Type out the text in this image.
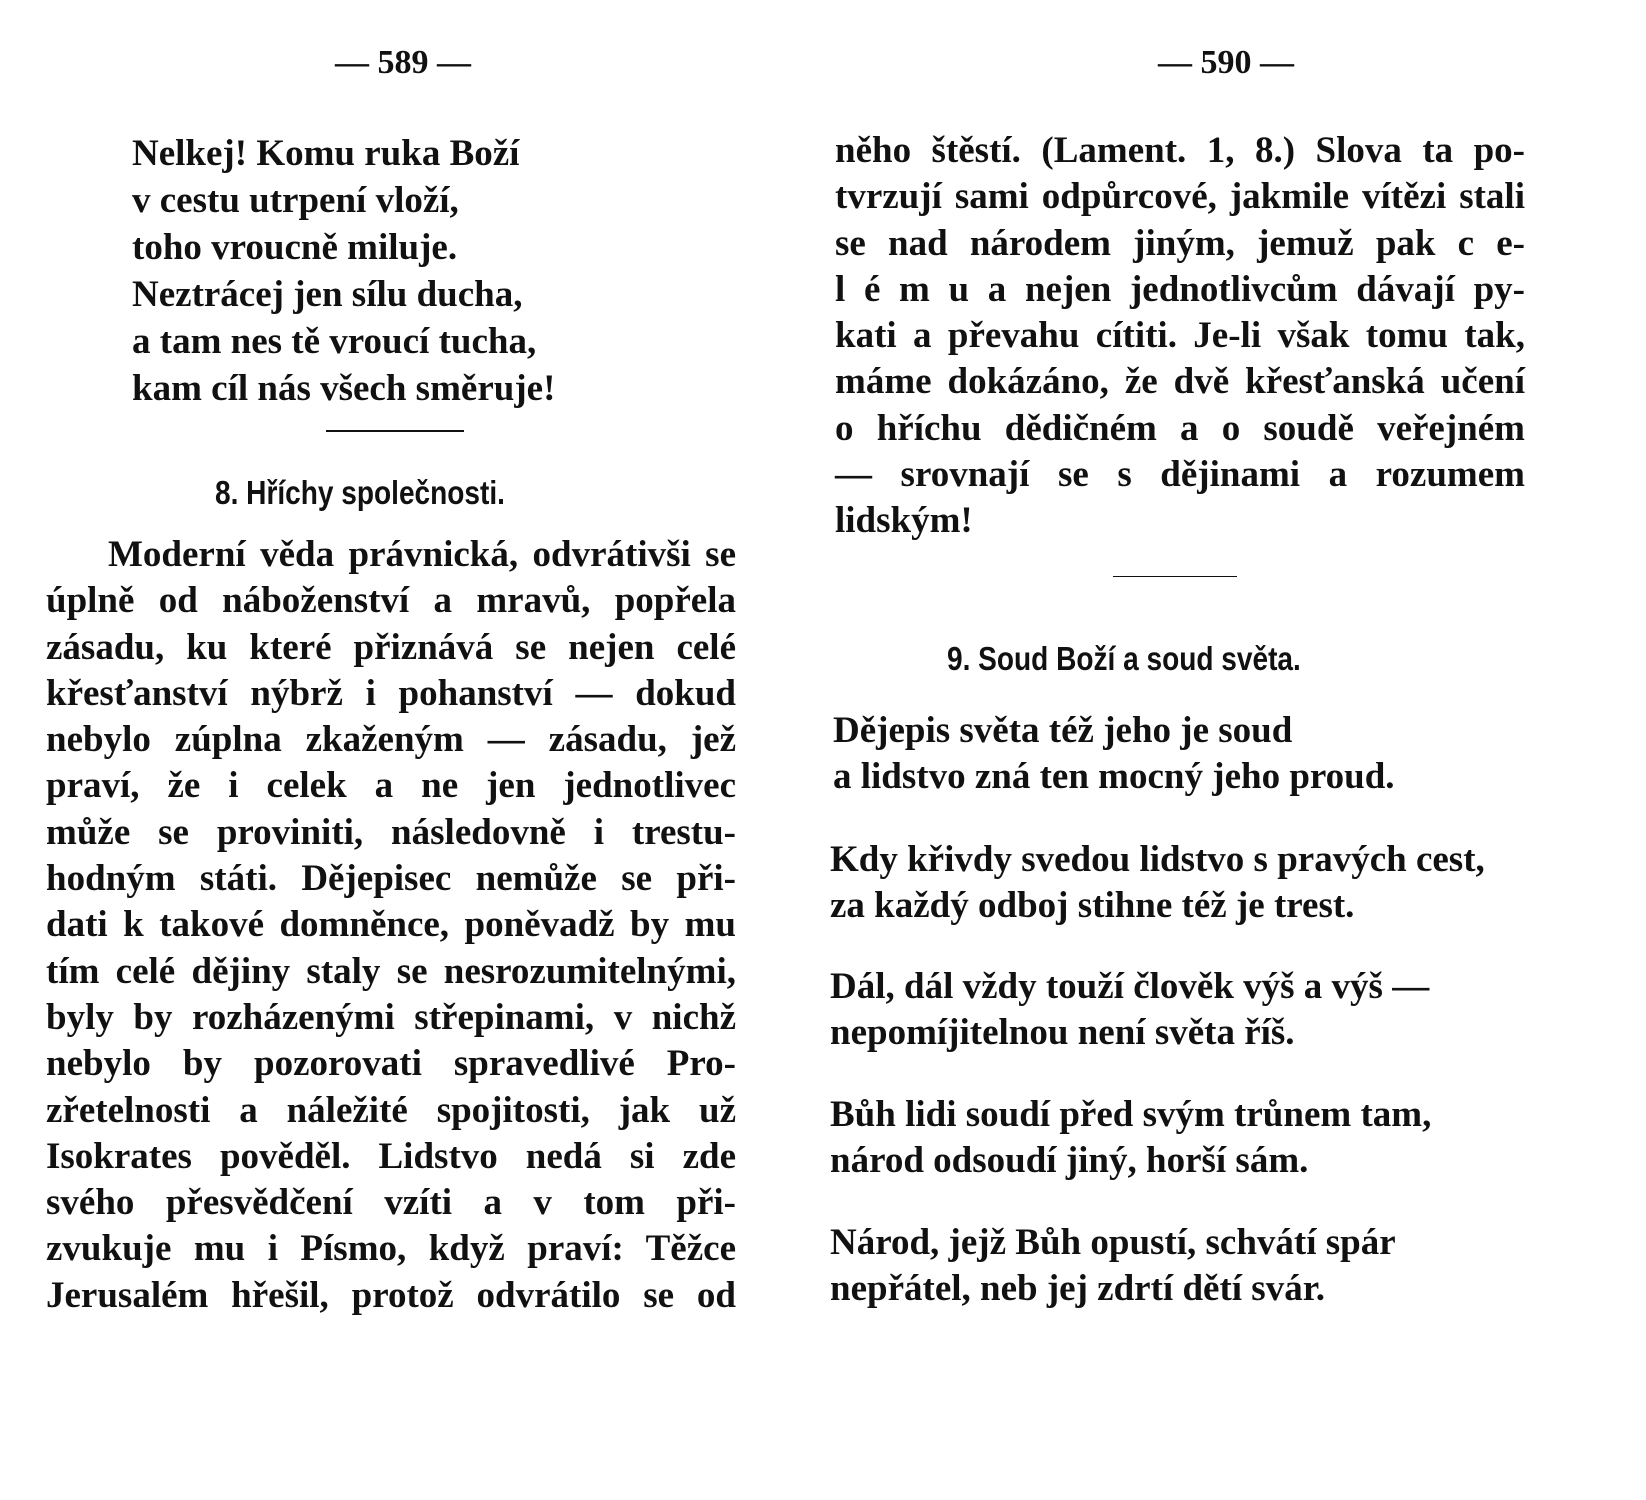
— 589 —
Nelkej! Komu ruka Boží
v cestu utrpení vloží,
toho vroucně miluje.
Neztrácej jen sílu ducha,
a tam nes tě vroucí tucha,
kam cíl nás všech směruje!
8. Hříchy společnosti.
Moderní věda právnická, odvrátivši se
úplně od náboženství a mravů, popřela
zásadu, ku které přiznává se nejen celé
křesťanství nýbrž i pohanství — dokud
nebylo zúplna zkaženým — zásadu, jež
praví, že i celek a ne jen jednotlivec
může se proviniti, následovně i trestu-
hodným státi. Dějepisec nemůže se při-
dati k takové domněnce, poněvadž by mu
tím celé dějiny staly se nesrozumitelnými,
byly by rozházenými střepinami, v nichž
nebylo by pozorovati spravedlivé Pro-
zřetelnosti a náležité spojitosti, jak už
Isokrates pověděl. Lidstvo nedá si zde
svého přesvědčení vzíti a v tom při-
zvukuje mu i Písmo, když praví: Těžce
Jerusalém hřešil, protož odvrátilo se od
— 590 —
něho štěstí. (Lament. 1, 8.) Slova ta po-
tvrzují sami odpůrcové, jakmile vítězi stali
se nad národem jiným, jemuž pak c e-
l é m u a nejen jednotlivcům dávají py-
kati a převahu cítiti. Je-li však tomu tak,
máme dokázáno, že dvě křesťanská učení
o hříchu dědičném a o soudě veřejném
— srovnají se s dějinami a rozumem
lidským!
9. Soud Boží a soud světa.
Dějepis světa též jeho je soud
a lidstvo zná ten mocný jeho proud.
Kdy křivdy svedou lidstvo s pravých cest,
za každý odboj stihne též je trest.
Dál, dál vždy touží člověk výš a výš —
nepomíjitelnou není světa říš.
Bůh lidi soudí před svým trůnem tam,
národ odsoudí jiný, horší sám.
Národ, jejž Bůh opustí, schvátí spár
nepřátel, neb jej zdrtí dětí svár.
